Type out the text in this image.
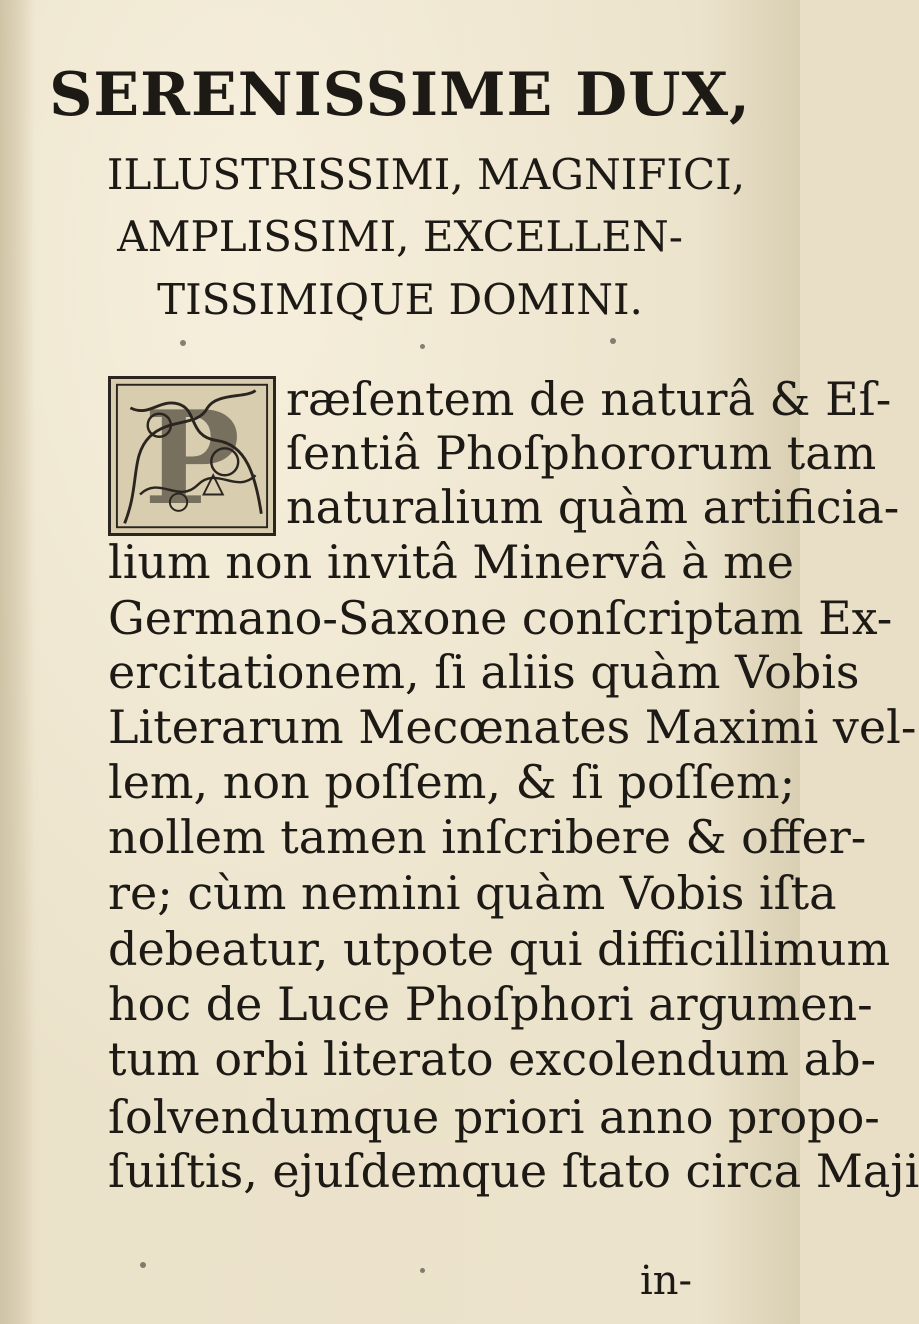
SERENISSIME DUX,
ILLUSTRISSIMI, MAGNIFICI,
AMPLISSIMI, EXCELLEN-
TISSIMIQUE DOMINI.
P ræſentem de naturâ & Eſ-
ſentiâ Phoſphororum tam
naturalium quàm artificia-
lium non invitâ Minervâ à me
Germano-Saxone conſcriptam Ex-
ercitationem, ſi aliis quàm Vobis
Literarum Mecœnates Maximi vel-
lem, non poſſem, & ſi poſſem;
nollem tamen inſcribere & offer-
re; cùm nemini quàm Vobis iſta
debeatur, utpote qui difficillimum
hoc de Luce Phoſphori argumen-
tum orbi literato excolendum ab-
ſolvendumque priori anno propo-
ſuiſtis, ejuſdemque ſtato circa Maji
in-
